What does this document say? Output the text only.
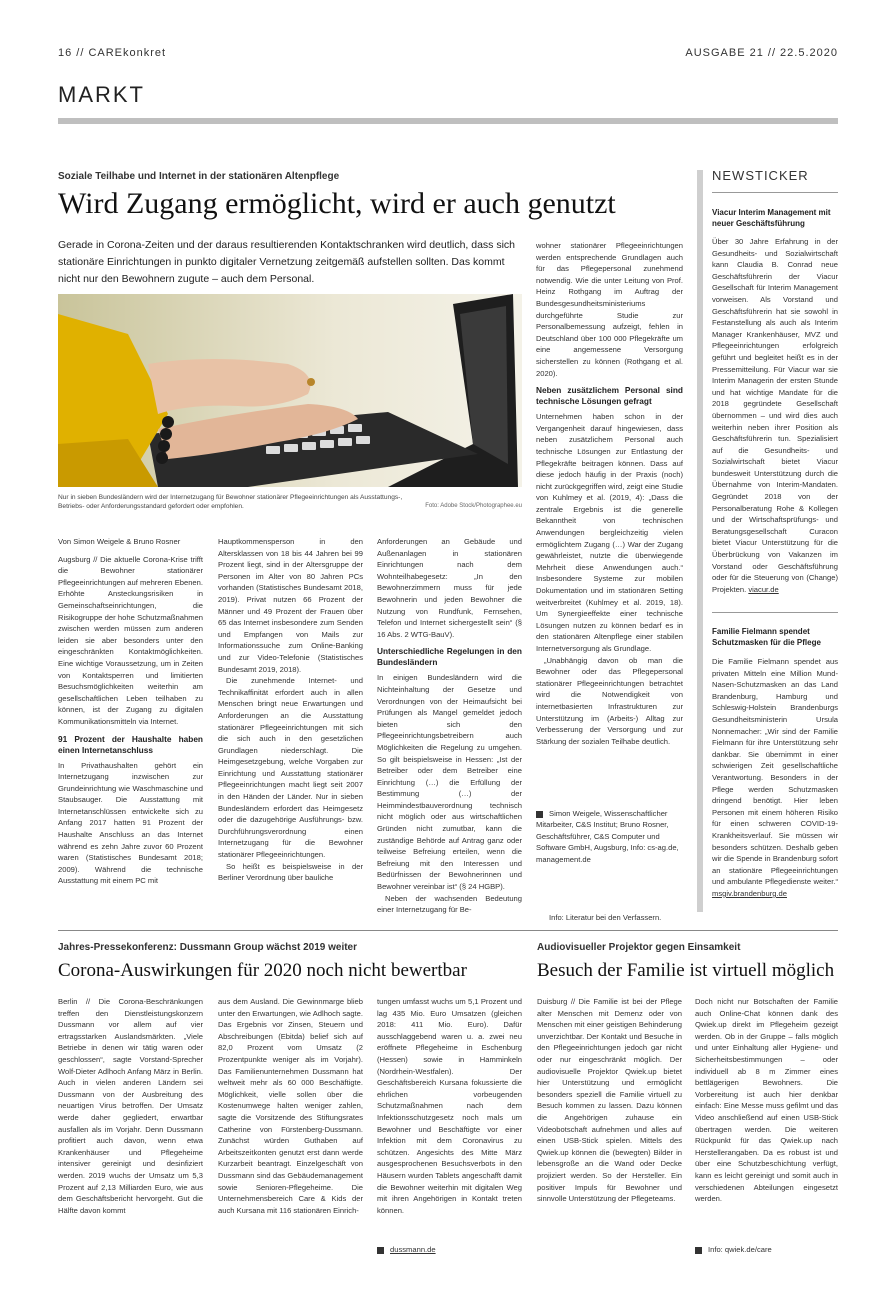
16 // CAREkonkret	AUSGABE 21 // 22.5.2020
MARKT
Soziale Teilhabe und Internet in der stationären Altenpflege
Wird Zugang ermöglicht, wird er auch genutzt
Gerade in Corona-Zeiten und der daraus resultierenden Kontaktschranken wird deutlich, dass sich stationäre Einrichtungen in punkto digitaler Vernetzung zeitgemäß aufstellen sollten. Das kommt nicht nur den Bewohnern zugute – auch dem Personal.
Nur in sieben Bundesländern wird der Internetzugang für Bewohner stationärer Pflegeeinrichtungen als Ausstattungs-, Betriebs- oder Anforderungsstandard gefordert oder empfohlen.	Foto: Adobe Stock/Photographee.eu

Von Simon Weigele & Bruno Rosner

Augsburg // Die aktuelle Corona-Krise trifft die Bewohner stationärer Pflegeeinrichtungen auf mehreren Ebenen. Erhöhte Ansteckungsrisiken in Gemeinschaftseinrichtungen, die Risikogruppe der hohe Schutzmaßnahmen zwischen werden müssen zum anderen leiden sie aber besonders unter den eingeschränkten Kontaktmöglichkeiten. Eine wichtige Voraussetzung, um in Zeiten von Kontaktsperren und limitierten Besuchsmöglichkeiten weiterhin am gesellschaftlichen Leben teilhaben zu können, ist der Zugang zu digitalen Kommunikationsmitteln via Internet.

91 Prozent der Haushalte haben einen Internetanschluss

In Privathaushalten gehört ein Internetzugang inzwischen zur Grundeinrichtung wie Waschmaschine und Staubsauger. Die Ausstattung mit Internetanschlüssen entwickelte sich zu Anfang 2017 hatten 91 Prozent der Haushalte Anschluss an das Internet während es zehn Jahre zuvor 60 Prozent waren (Statistisches Bundesamt 2018; 2009). Während die technische Ausstattung mit einem PC mit

Hauptkommensperson in den Altersklassen von 18 bis 44 Jahren bei 99 Prozent liegt, sind in der Altersgruppe der Personen im Alter von 80 Jahren PCs vorhanden (Statistisches Bundesamt 2018, 2019). Privat nutzen 66 Prozent der Männer und 49 Prozent der Frauen über 65 das Internet insbesondere zum Senden und Empfangen von Mails zur Informationssuche zum Online-Banking und zur Video-Telefonie (Statistisches Bundesamt 2019, 2018).

Die zunehmende Internet- und Technikaffinität erfordert auch in allen Menschen bringt neue Erwartungen und Anforderungen an die Ausstattung stationärer Pflegeeinrichtungen mit sich die sich auch in den gesetzlichen Grundlagen niederschlagt. Die Heimgesetzgebung, welche Vorgaben zur Einrichtung und Ausstattung stationärer Pflegeeinrichtungen macht liegt seit 2007 in den Händen der Länder. Nur in sieben Bundesländern erfordert das Heimgesetz oder die dazugehörige Ausführungs- bzw. Durchführungsverordnung einen Internetzugang für die Bewohner stationärer Pflegeeinrichtungen.

So heißt es beispielsweise in der Berliner Verordnung über bauliche

Anforderungen an Gebäude und Außenanlagen in stationären Einrichtungen nach dem Wohnteilhabegesetz: „In den Bewohnerzimmern muss für jede Bewohnerin und jeden Bewohner die Nutzung von Rundfunk, Fernsehen, Telefon und Internet sichergestellt sein“ (§ 16 Abs. 2 WTG-BauV).

Unterschiedliche Regelungen in den Bundesländern

In einigen Bundesländern wird die Nichteinhaltung der Gesetze und Verordnungen von der Heimaufsicht bei Prüfungen als Mangel gemeldet jedoch bieten sich den Pflegeeinrichtungsbetreibern auch Möglichkeiten die Regelung zu umgehen. So gilt beispielsweise in Hessen: „Ist der Betreiber oder dem Betreiber eine Einrichtung (…) die Erfüllung der Bestimmung (…) der Heimmindestbauverordnung technisch nicht möglich oder aus wirtschaftlichen Gründen nicht zumutbar, kann die zuständige Behörde auf Antrag ganz oder teilweise Befreiung erteilen, wenn die Befreiung mit den Interessen und Bedürfnissen der Bewohnerinnen und Bewohner vereinbar ist“ (§ 24 HGBP).

Neben der wachsenden Bedeutung einer Internetzugang für Be-

wohner stationärer Pflegeeinrichtungen werden entsprechende Grundlagen auch für das Pflegepersonal zunehmend notwendig. Wie die unter Leitung von Prof. Heinz Rothgang im Auftrag der Bundesgesundheitsministeriums durchgeführte Studie zur Personalbemessung aufzeigt, fehlen in Deutschland über 100 000 Pflegekräfte um eine angemessene Versorgung sicherstellen zu können (Rothgang et al. 2020).

Neben zusätzlichem Personal sind technische Lösungen gefragt

Unternehmen haben schon in der Vergangenheit darauf hingewiesen, dass neben zusätzlichem Personal auch technische Lösungen zur Entlastung der Pflegekräfte beitragen können. Dass auf diese jedoch häufig in der Praxis (noch) nicht zurückgegriffen wird, zeigt eine Studie von Kuhlmey et al. (2019, 4): „Dass die zentrale Ergebnis ist die generelle Bekanntheit von technischen Anwendungen bergleichzeitig vielen ermöglichtem Zugang (…) War der Zugang gewährleistet, nutzte die überwiegende Mehrheit diese Anwendungen auch.“ Insbesondere Systeme zur mobilen Dokumentation und im stationären Setting weitverbreitet (Kuhlmey et al. 2019, 18). Um Synergieeffekte einer technische Lösungen nutzen zu können bedarf es in den stationären Altenpflege einer stabilen Internetversorgung als Grundlage.

„Unabhängig davon ob man die Bewohner oder das Pflegepersonal stationärer Pflegeeinrichtungen betrachtet wird die Notwendigkeit von internetbasierten Infrastrukturen zur Unterstützung im (Arbeits-) Alltag zur Verbesserung der Versorgung und zur Stärkung der sozialen Teilhabe deutlich.

Simon Weigele, Wissenschaftlicher Mitarbeiter, C&S Institut; Bruno Rosner, Geschäftsführer, C&S Computer und Software GmbH, Augsburg, Info: cs-ag.de, management.de
Info: Literatur bei den Verfassern.
NEWSTICKER
Viacur Interim Management mit neuer Geschäftsführung
Über 30 Jahre Erfahrung in der Gesundheits- und Sozialwirtschaft kann Claudia B. Conrad neue Geschäftsführerin der Viacur Gesellschaft für Interim Management vorweisen. Als Vorstand und Geschäftsführerin hat sie sowohl in Festanstellung als auch als Interim Manager Krankenhäuser, MVZ und Pflegeeinrichtungen erfolgreich geführt und begleitet heißt es in der Pressemitteilung. Für Viacur war sie Interim Managerin der ersten Stunde und hat wichtige Mandate für die 2018 gegründete Gesellschaft übernommen – und wird dies auch weiterhin neben ihrer Position als Geschäftsführerin tun. Spezialisiert auf die Gesundheits- und Sozialwirtschaft bietet Viacur bundesweit Unterstützung durch die Übernahme von Interim-Mandaten. Gegründet 2018 von der Personalberatung Rohe & Kollegen und der Wirtschaftsprüfungs- und Beratungsgesellschaft Curacon bietet Viacur Unterstützung für die Überbrückung von Vakanzen im Vorstand oder Geschäftsführung oder für die Steuerung von (Change) Projekten. viacur.de
Familie Fielmann spendet Schutzmasken für die Pflege
Die Familie Fielmann spendet aus privaten Mitteln eine Million Mund-Nasen-Schutzmasken an das Land Brandenburg, Hamburg und Schleswig-Holstein Brandenburgs Gesundheitsministerin Ursula Nonnemacher: „Wir sind der Familie Fielmann für ihre Unterstützung sehr dankbar. Sie übernimmt in einer schwierigen Zeit gesellschaftliche Verantwortung. Besonders in der Pflege werden Schutzmasken dringend benötigt. Hier leben Personen mit einem höheren Risiko für einen schweren COVID-19-Krankheitsverlauf. Sie müssen wir besonders schützen. Deshalb geben wir die Spende in Brandenburg sofort an stationäre Pflegeeinrichtungen und ambulante Pflegedienste weiter.“ msgiv.brandenburg.de
Jahres-Pressekonferenz: Dussmann Group wächst 2019 weiter
Corona-Auswirkungen für 2020 noch nicht bewertbar
Berlin // Die Corona-Beschränkungen treffen den Dienstleistungskonzern Dussmann vor allem auf vier ertragsstarken Auslandsmärkten. „Viele Betriebe in denen wir tätig waren oder geschlossen“, sagte Vorstand-Sprecher Wolf-Dieter Adlhoch Anfang März in Berlin. Auch in vielen anderen Ländern sei Dussmann von der Ausbreitung des neuartigen Virus betroffen. Der Umsatz werde daher gegliedert, erwartbar ausfallen als im Vorjahr. Denn Dussmann profitiert auch davon, wenn etwa Krankenhäuser und Pflegeheime intensiver gereinigt und desinfiziert werden. 2019 wuchs der Umsatz um 5,3 Prozent auf 2,13 Milliarden Euro, wie aus dem Geschäftsbericht hervorgeht. Gut die Hälfte davon kommt
aus dem Ausland. Die Gewinnmarge blieb unter den Erwartungen, wie Adlhoch sagte. Das Ergebnis vor Zinsen, Steuern und Abschreibungen (Ebitda) belief sich auf 82,0 Prozent vom Umsatz (2 Prozentpunkte weniger als im Vorjahr). Das Familienunternehmen Dussmann hat weltweit mehr als 60 000 Beschäftigte. Möglichkeit, vielle sollen über die Kostenumwege halten weniger zahlen, sagte die Vorsitzende des Stiftungsrates Catherine von Fürstenberg-Dussmann. Zunächst würden Guthaben auf Arbeitszeitkonten genutzt erst dann werde Kurzarbeit beantragt. Einzelgeschäft von Dussmann sind das Gebäudemanagement sowie Senioren-Pflegeheime. Die Unternehmensbereich Care & Kids der auch Kursana mit 116 stationären Einrich-
tungen umfasst wuchs um 5,1 Prozent und lag 435 Mio. Euro Umsatzen (gleichen 2018: 411 Mio. Euro). Dafür ausschlaggebend waren u. a. zwei neu eröffnete Pflegeheime in Eschenburg (Hessen) sowie in Hamminkeln (Nordrhein-Westfalen). Der Geschäftsbereich Kursana fokussierte die ehrlichen vorbeugenden Schutzmaßnahmen nach dem Infektionsschutzgesetz noch mals um Bewohner und Beschäftigte vor einer Infektion mit dem Coronavirus zu schützen. Angesichts des Mitte März ausgesprochenen Besuchsverbots in den Häusern wurden Tablets angeschafft damit die Bewohner weiterhin mit digitalen Weg mit ihren Angehörigen in Kontakt treten können.
dussmann.de
Audiovisueller Projektor gegen Einsamkeit
Besuch der Familie ist virtuell möglich
Duisburg // Die Familie ist bei der Pflege alter Menschen mit Demenz oder von Menschen mit einer geistigen Behinderung unverzichtbar. Der Kontakt und Besuche in den Pflegeeinrichtungen jedoch gar nicht oder nur eingeschränkt möglich. Der audiovisuelle Projektor Qwiek.up bietet hier Unterstützung und ermöglicht besonders speziell die Familie virtuell zu Besuch kommen zu lassen. Dazu können die Angehörigen zuhause ein Videobotschaft aufnehmen und alles auf einen USB-Stick spielen. Mittels des Qwiek.up können die (bewegten) Bilder in lebensgroße an die Wand oder Decke projiziert werden. So der Hersteller. Ein positiver Impuls für Bewohner und sinnvolle Unterstützung der Pflegeteams.
Doch nicht nur Botschaften der Familie auch Online-Chat können dank des Qwiek.up direkt im Pflegeheim gezeigt werden. Ob in der Gruppe – falls möglich und unter Einhaltung aller Hygiene- und Sicherheitsbestimmungen – oder individuell ab 8 m Zimmer eines bettlägerigen Bewohners. Die Vorbereitung ist auch hier denkbar einfach: Eine Messe muss gefilmt und das Video anschließend auf einen USB-Stick übertragen werden. Die weiteren Rückpunkt für das Qwiek.up nach Herstellerangaben. Da es robust ist und über eine Schutzbeschichtung verfügt, kann es leicht gereinigt und somit auch in verschiedenen Abteilungen eingesetzt werden.
Info: qwiek.de/care
